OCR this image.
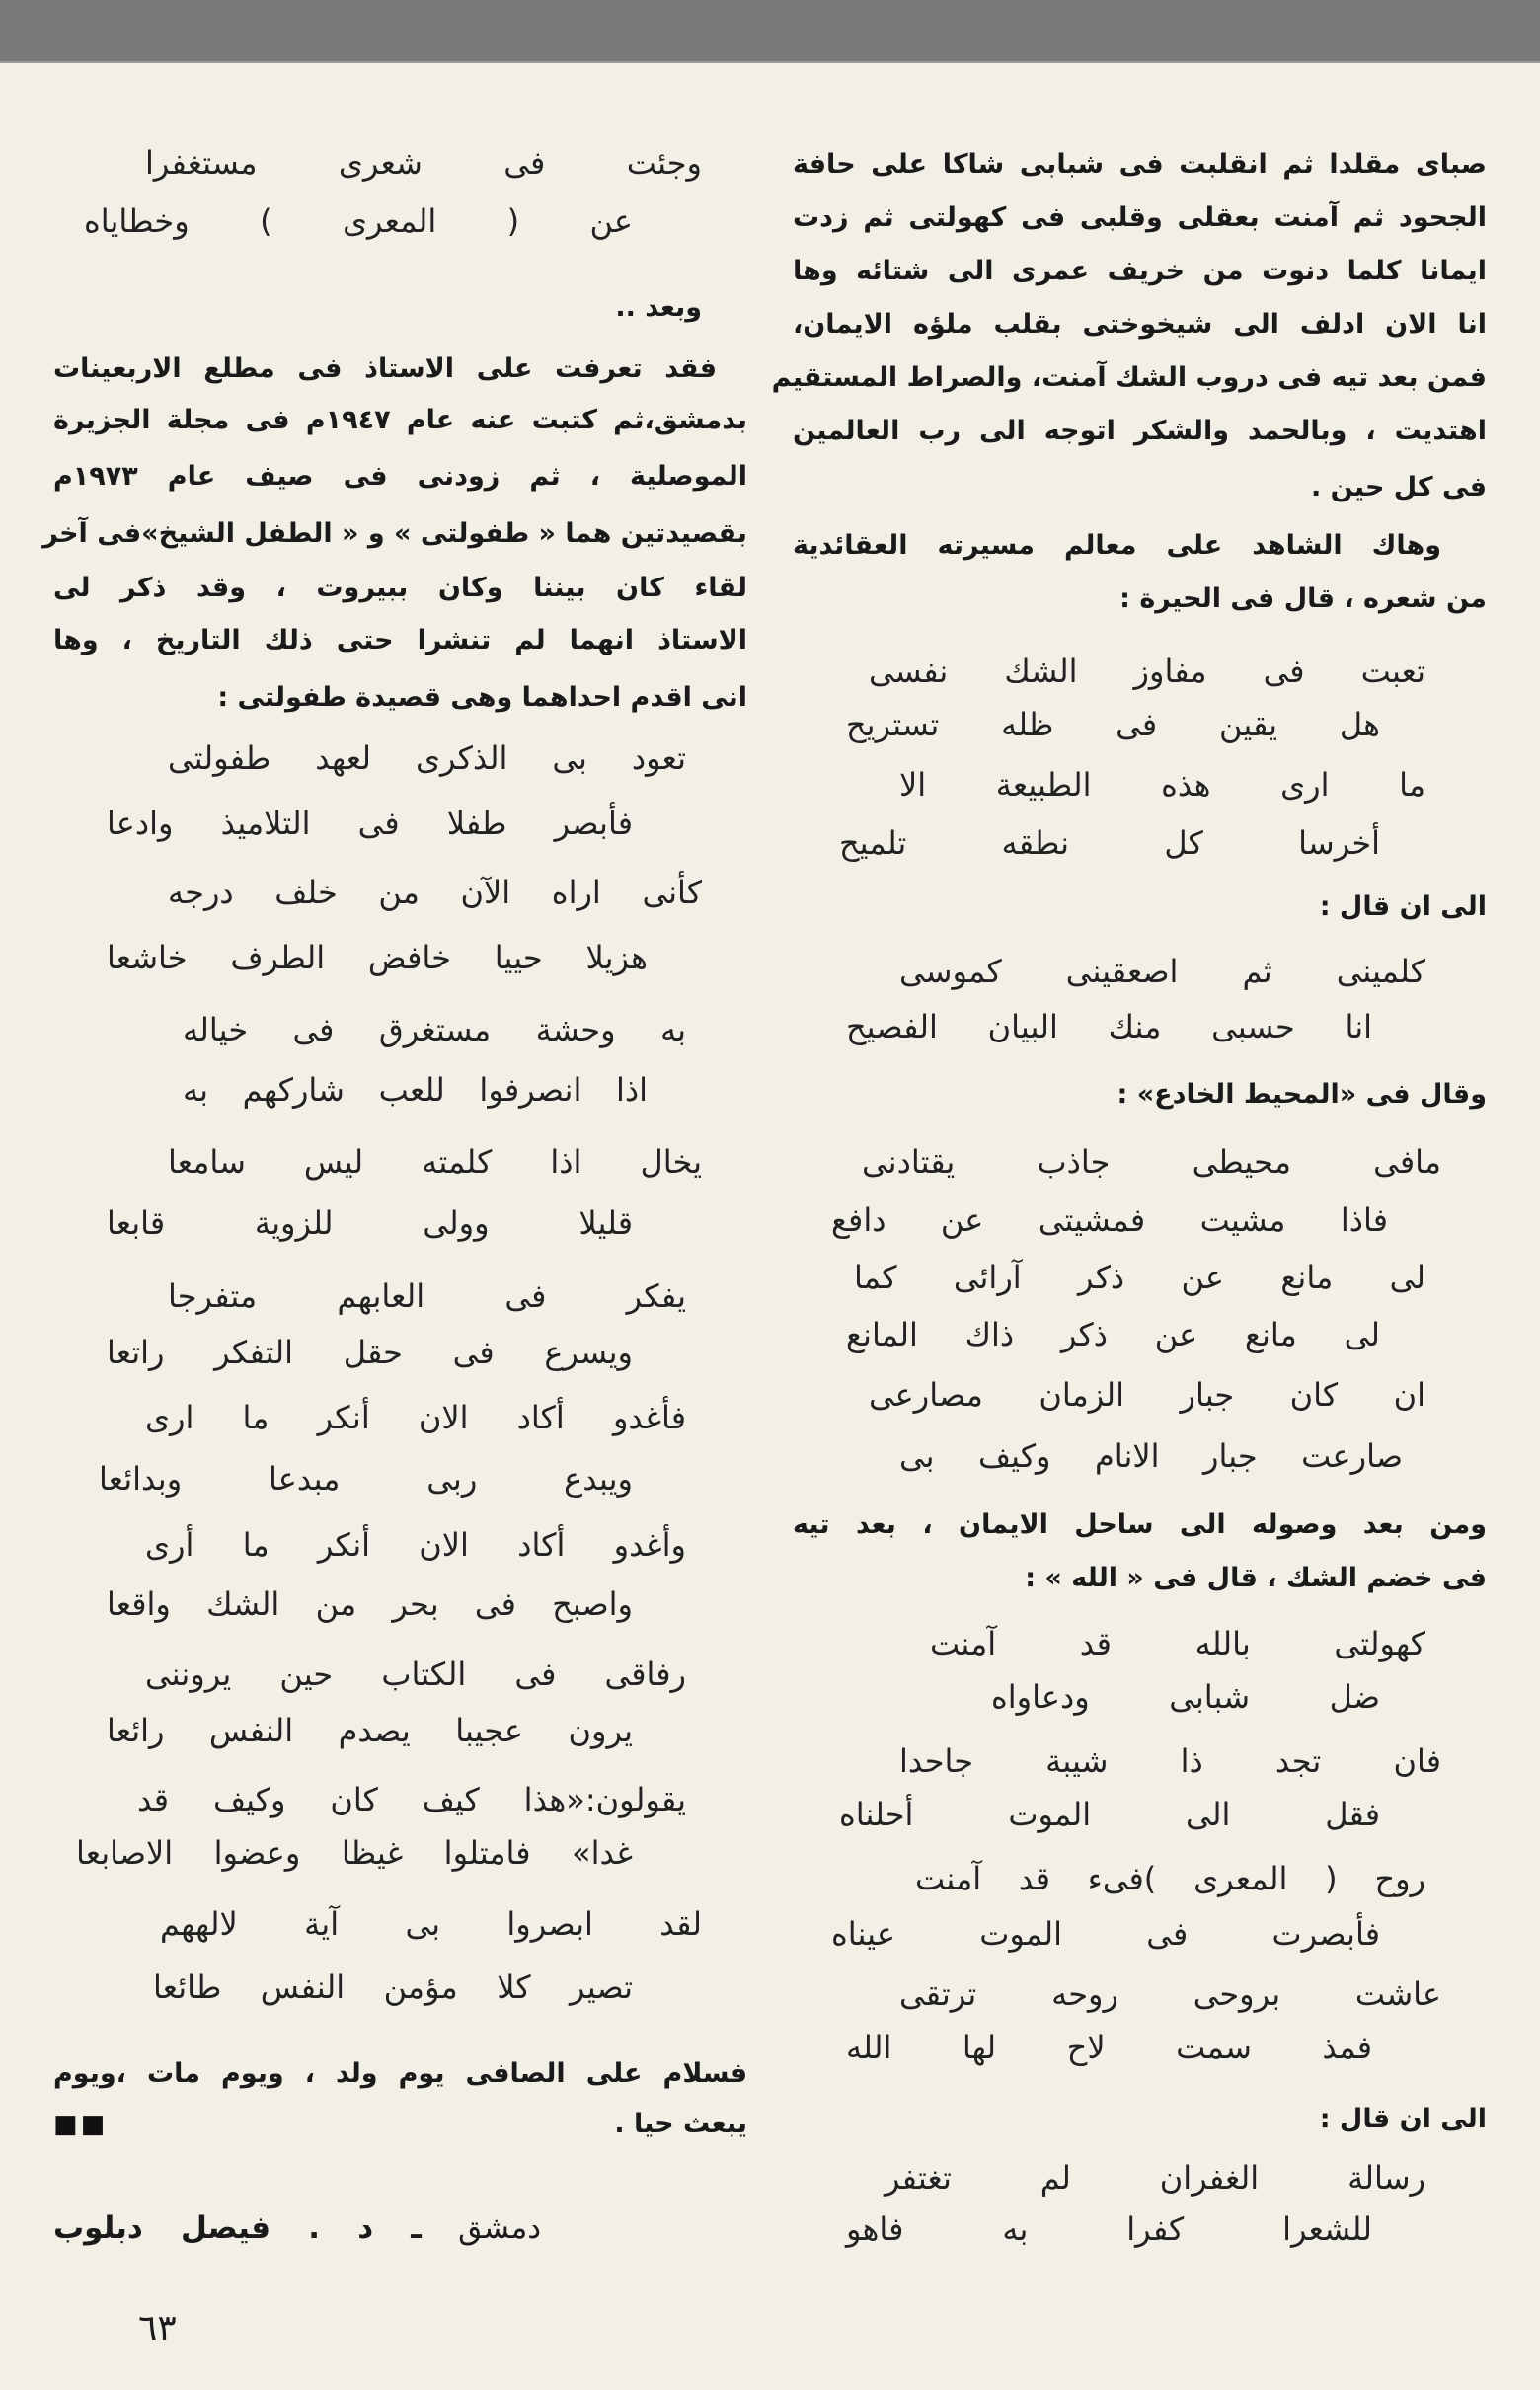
صباى مقلدا ثم انقلبت فى شبابى شاكا على حافة
الجحود ثم آمنت بعقلى وقلبى فى كهولتى ثم زدت
ايمانا كلما دنوت من خريف عمرى الى شتائه وها
انا الان ادلف الى شيخوختى بقلب ملؤه الايمان،
فمن بعد تيه فى دروب الشك آمنت، والصراط المستقيم
اهتديت ، وبالحمد والشكر اتوجه الى رب العالمين
فى كل حين .
وهاك الشاهد على معالم مسيرته العقائدية
من شعره ، قال فى الحيرة :
تعبت فى مفاوز الشك نفسى
هل يقين فى ظله تستريح
ما ارى هذه الطبيعة الا
أخرسا كل نطقه تلميح
الى ان قال :
كلمينى ثم اصعقينى كموسى
انا حسبى منك البيان الفصيح
وقال فى «المحيط الخادع» :
مافى محيطى جاذب يقتادنى
فاذا مشيت فمشيتى عن دافع
لى مانع عن ذكر آرائى كما
لى مانع عن ذكر ذاك المانع
ان كان جبار الزمان مصارعى
صارعت جبار الانام وكيف بى
ومن بعد وصوله الى ساحل الايمان ، بعد تيه
فى خضم الشك ، قال فى « الله » :
كهولتى بالله قد آمنت
ضل شبابى ودعاواه
فان تجد ذا شيبة جاحدا
فقل الى الموت أحلناه
روح ( المعرى )فىء قد آمنت
فأبصرت فى الموت عيناه
عاشت بروحى روحه ترتقى
فمذ سمت لاح لها الله
الى ان قال :
رسالة الغفران لم تغتفر
للشعرا كفرا به فاهو
وجئت فى شعرى مستغفرا
عن ( المعرى ) وخطاياه
وبعد ..
فقد تعرفت على الاستاذ فى مطلع الاربعينات
بدمشق،ثم كتبت عنه عام ١٩٤٧م فى مجلة الجزيرة
الموصلية ، ثم زودنى فى صيف عام ١٩٧٣م
بقصيدتين هما « طفولتى » و « الطفل الشيخ»فى آخر
لقاء كان بيننا وكان ببيروت ، وقد ذكر لى
الاستاذ انهما لم تنشرا حتى ذلك التاريخ ، وها
انى اقدم احداهما وهى قصيدة طفولتى :
تعود بى الذكرى لعهد طفولتى
فأبصر طفلا فى التلاميذ وادعا
كأنى اراه الآن من خلف درجه
هزيلا حييا خافض الطرف خاشعا
به وحشة مستغرق فى خياله
اذا انصرفوا للعب شاركهم به
يخال اذا كلمته ليس سامعا
قليلا وولى للزوية قابعا
يفكر فى العابهم متفرجا
ويسرع فى حقل التفكر راتعا
فأغدو أكاد الان أنكر ما ارى
ويبدع ربى مبدعا وبدائعا
وأغدو أكاد الان أنكر ما أرى
واصبح فى بحر من الشك واقعا
رفاقى فى الكتاب حين يروننى
يرون عجيبا يصدم النفس رائعا
يقولون:«هذا كيف كان وكيف قد
غدا» فامتلوا غيظا وعضوا الاصابعا
لقد ابصروا بى آية لالههم
تصير كلا مؤمن النفس طائعا
فسلام على الصافى يوم ولد ، ويوم مات ،ويوم
يبعث حيا .
■■
دمشق ـ د . فيصل دبلوب
٦٣
